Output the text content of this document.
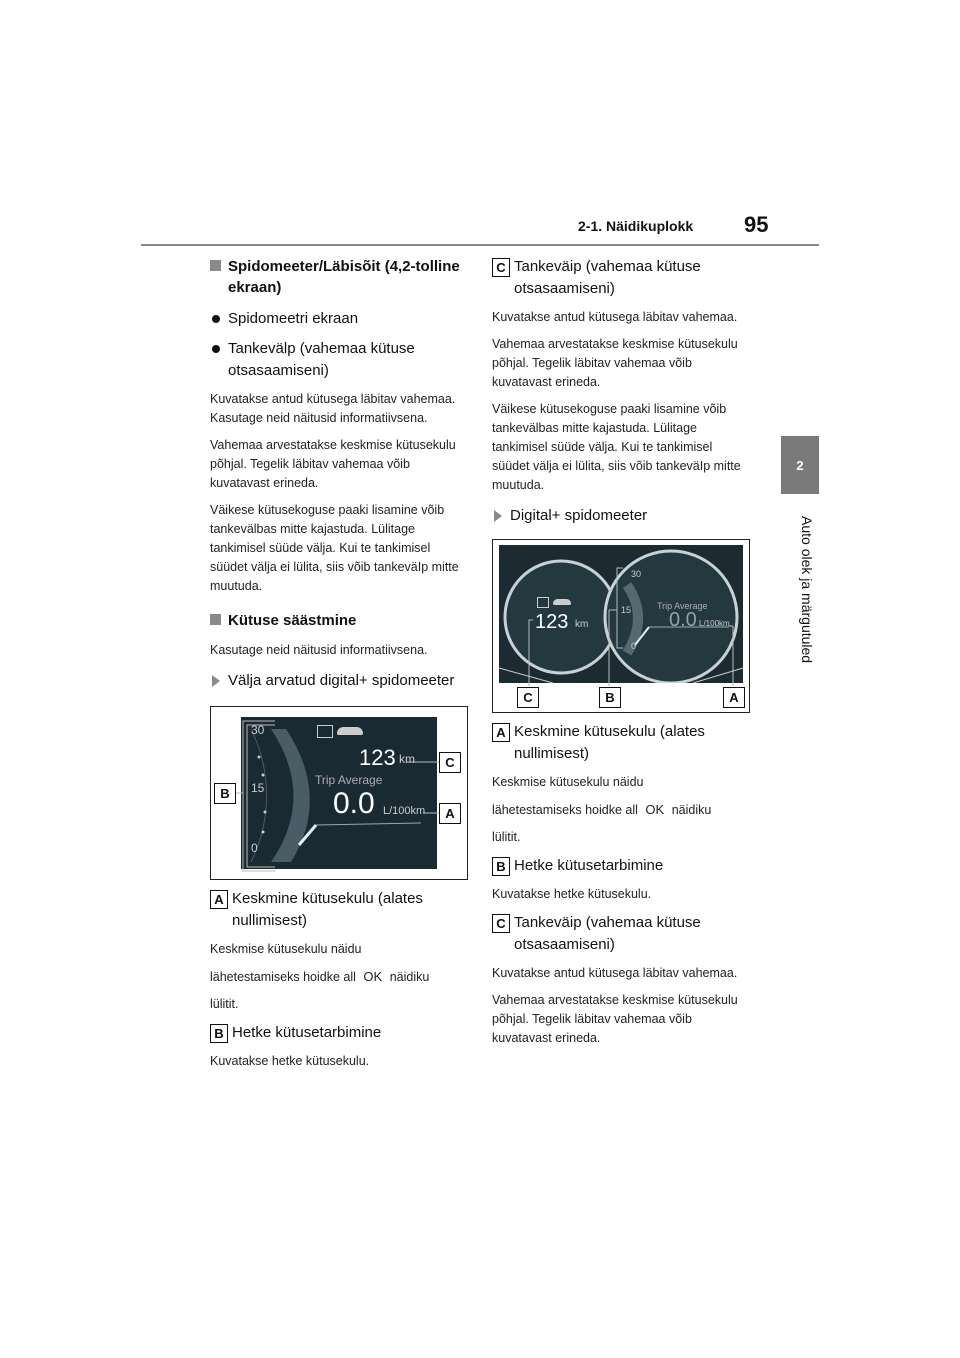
2-1. Näidikuplokk 95
2
Auto olek ja märgutuled
Spidomeeter/Läbisõit (4,2-tolline ekraan)
Spidomeetri ekraan
Tankevälp (vahemaa kütuse otsasaamiseni)

Kuvatakse antud kütusega läbitav vahemaa. Kasutage neid näitusid informatiivsena.

Vahemaa arvestatakse keskmise kütusekulu põhjal. Tegelik läbitav vahemaa võib kuvatavast erineda.

Väikese kütusekoguse paaki lisamine võib tankevälbas mitte kajastuda. Lülitage tankimisel süüde välja. Kui te tankimisel süüdet välja ei lülita, siis võib tankeväIp mitte muutuda.

Kütuse säästmine

Kasutage neid näitusid informatiivsena.

Välja arvatud digital+ spidomeeter
30
15
0
123 km
Trip Average
0.0 L/100km
B
C
A
A Keskmine kütusekulu (alates nullimisest)

Keskmise kütusekulu näidu

lähetestamiseks hoidke all OK näidiku

lülitit.

B Hetke kütusetarbimine

Kuvatakse hetke kütusekulu.

C Tankeväip (vahemaa kütuse otsasaamiseni)

Kuvatakse antud kütusega läbitav vahemaa.

Vahemaa arvestatakse keskmise kütusekulu põhjal. Tegelik läbitav vahemaa võib kuvatavast erineda.

Väikese kütusekoguse paaki lisamine võib tankevälbas mitte kajastuda. Lülitage tankimisel süüde välja. Kui te tankimisel süüdet välja ei lülita, siis võib tankeväIp mitte muutuda.

Digital+ spidomeeter
123 km
30
15
0
Trip Average
0.0 L/100km
C	B	A
A Keskmine kütusekulu (alates nullimisest)

Keskmise kütusekulu näidu

lähetestamiseks hoidke all OK näidiku

lülitit.

B Hetke kütusetarbimine

Kuvatakse hetke kütusekulu.

C Tankeväip (vahemaa kütuse otsasaamiseni)

Kuvatakse antud kütusega läbitav vahemaa.

Vahemaa arvestatakse keskmise kütusekulu põhjal. Tegelik läbitav vahemaa võib kuvatavast erineda.
